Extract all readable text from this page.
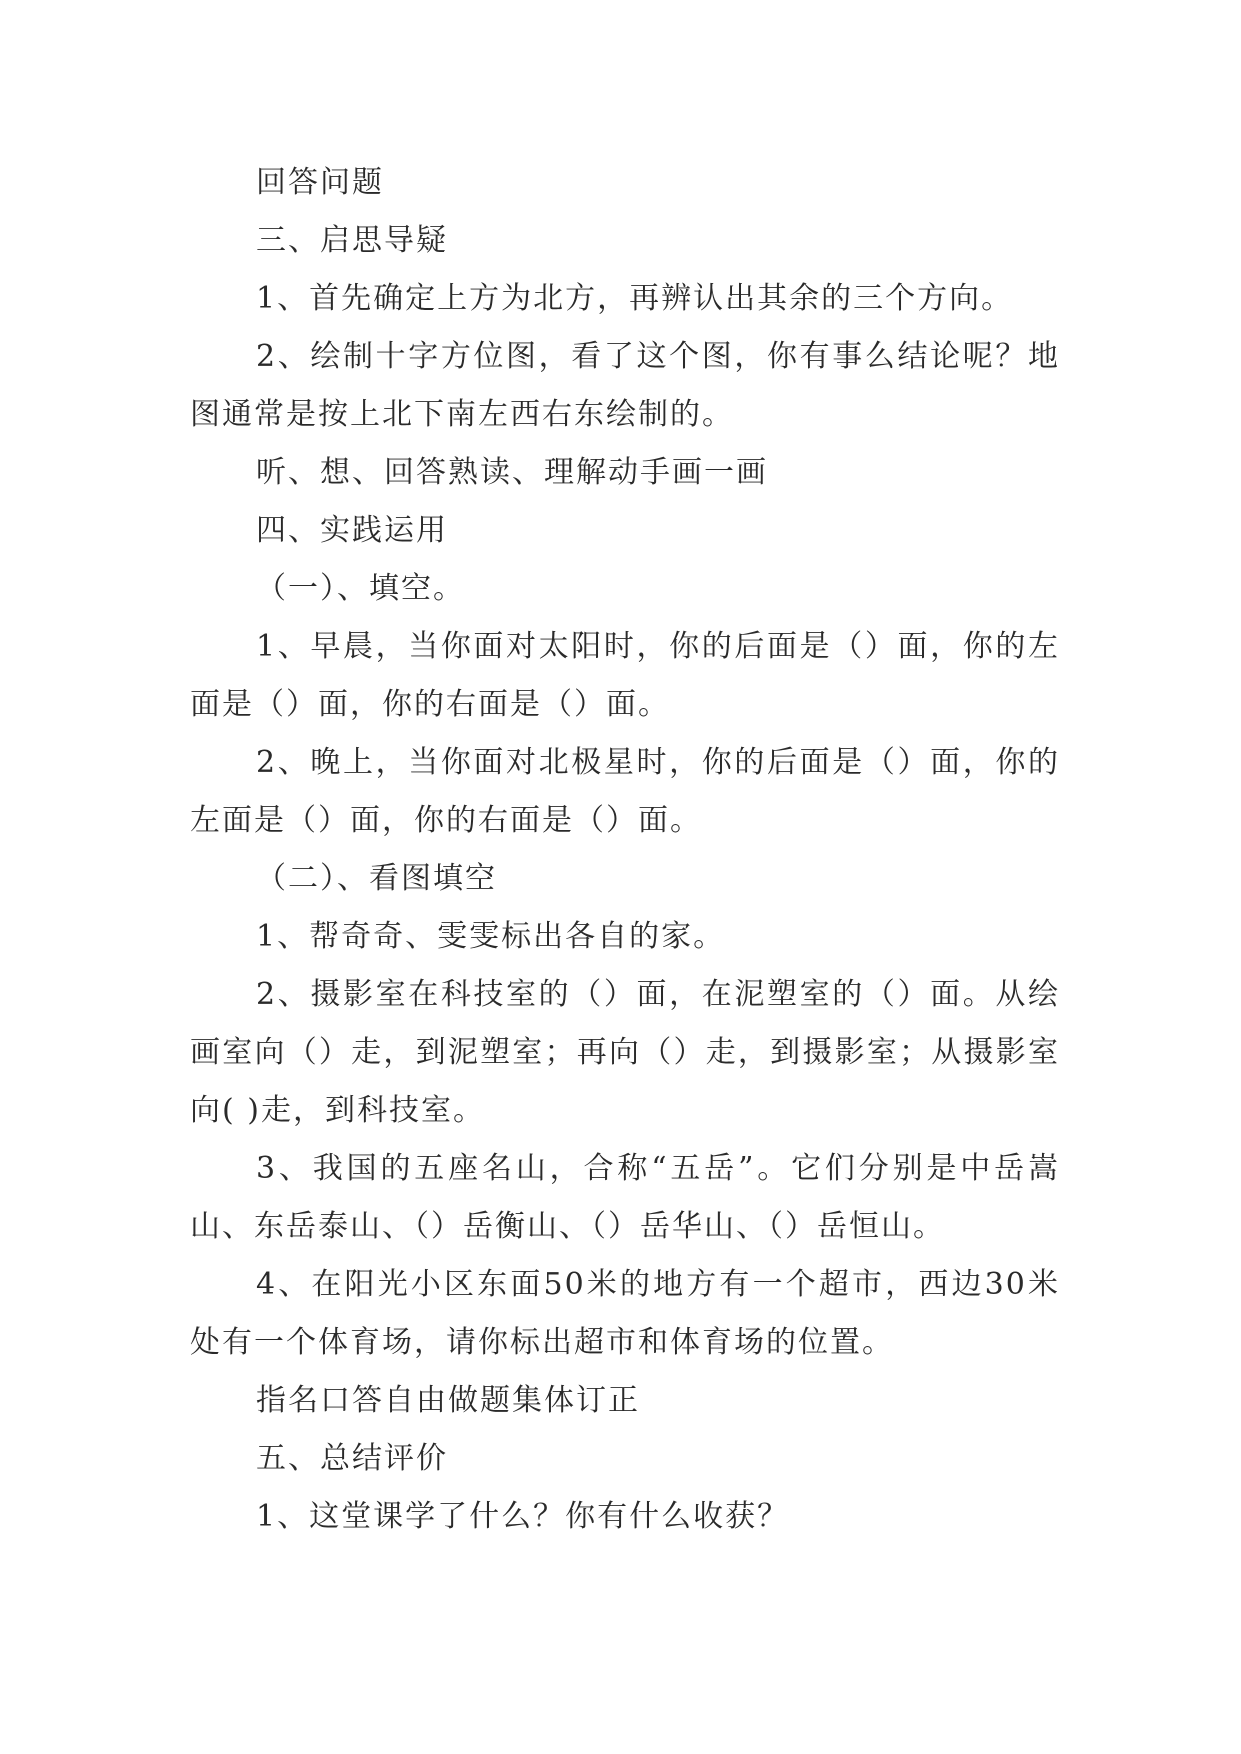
回答问题

三、启思导疑

1、首先确定上方为北方，再辨认出其余的三个方向。

2、绘制十字方位图，看了这个图，你有事么结论呢？地图通常是按上北下南左西右东绘制的。

听、想、回答熟读、理解动手画一画

四、实践运用

（一）、填空。

1、早晨，当你面对太阳时，你的后面是（）面，你的左面是（）面，你的右面是（）面。

2、晚上，当你面对北极星时，你的后面是（）面，你的左面是（）面，你的右面是（）面。

（二）、看图填空

1、帮奇奇、雯雯标出各自的家。

2、摄影室在科技室的（）面，在泥塑室的（）面。从绘画室向（）走，到泥塑室；再向（）走，到摄影室；从摄影室向( )走，到科技室。

3、我国的五座名山，合称“五岳”。它们分别是中岳嵩山、东岳泰山、（）岳衡山、（）岳华山、（）岳恒山。

4、在阳光小区东面50米的地方有一个超市，西边30米处有一个体育场，请你标出超市和体育场的位置。

指名口答自由做题集体订正

五、总结评价

1、这堂课学了什么？你有什么收获？
